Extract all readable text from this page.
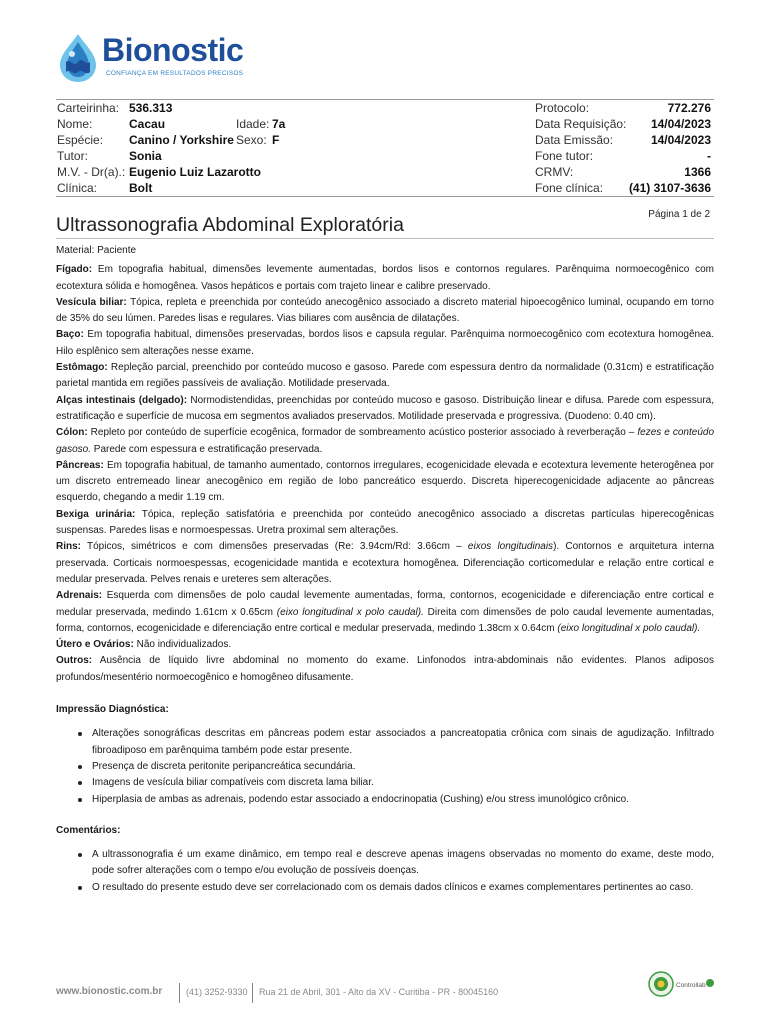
Bionostic
CONFIANÇA EM RESULTADOS PRECISOS
Carteirinha: 536.313	Protocolo:	772.276
Nome:	Cacau	Idade: 7a	Data Requisição: 14/04/2023
Espécie: Canino / Yorkshire Sexo: F	Data Emissão:	14/04/2023
Tutor:	Sonia	Fone tutor:	-
M.V. - Dr(a).: Eugenio Luiz Lazarotto	CRMV:	1366
Clínica:	Bolt	Fone clínica: (41) 3107-3636
Ultrassonografia Abdominal Exploratória	Página 1 de 2

Material: Paciente

Fígado: Em topografia habitual, dimensões levemente aumentadas, bordos lisos e contornos regulares. Parênquima normoecogênico com ecotextura sólida e homogênea. Vasos hepáticos e portais com trajeto linear e calibre preservado.

Vesícula biliar: Tópica, repleta e preenchida por conteúdo anecogênico associado a discreto material hipoecogênico luminal, ocupando em torno de 35% do seu lúmen. Paredes lisas e regulares. Vias biliares com ausência de dilatações.

Baço: Em topografia habitual, dimensões preservadas, bordos lisos e capsula regular. Parênquima normoecogênico com ecotextura homogênea. Hilo esplênico sem alterações nesse exame.

Estômago: Repleção parcial, preenchido por conteúdo mucoso e gasoso. Parede com espessura dentro da normalidade (0.31cm) e estratificação parietal mantida em regiões passíveis de avaliação. Motilidade preservada.

Alças intestinais (delgado): Normodistendidas, preenchidas por conteúdo mucoso e gasoso. Distribuição linear e difusa. Parede com espessura, estratificação e superfície de mucosa em segmentos avaliados preservados. Motilidade preservada e progressiva. (Duodeno: 0.40 cm).

Cólon: Repleto por conteúdo de superfície ecogênica, formador de sombreamento acústico posterior associado à reverberação – fezes e conteúdo gasoso. Parede com espessura e estratificação preservada.

Pâncreas: Em topografia habitual, de tamanho aumentado, contornos irregulares, ecogenicidade elevada e ecotextura levemente heterogênea por um discreto entremeado linear anecogênico em região de lobo pancreático esquerdo. Discreta hiperecogenicidade adjacente ao pâncreas esquerdo, chegando a medir 1.19 cm.

Bexiga urinária: Tópica, repleção satisfatória e preenchida por conteúdo anecogênico associado a discretas partículas hiperecogênicas suspensas. Paredes lisas e normoespessas. Uretra proximal sem alterações.

Rins: Tópicos, simétricos e com dimensões preservadas (Re: 3.94cm/Rd: 3.66cm – eixos longitudinais). Contornos e arquitetura interna preservada. Corticais normoespessas, ecogenicidade mantida e ecotextura homogênea. Diferenciação corticomedular e relação entre cortical e medular preservada. Pelves renais e ureteres sem alterações.

Adrenais: Esquerda com dimensões de polo caudal levemente aumentadas, forma, contornos, ecogenicidade e diferenciação entre cortical e medular preservada, medindo 1.61cm x 0.65cm (eixo longitudinal x polo caudal). Direita com dimensões de polo caudal levemente aumentadas, forma, contornos, ecogenicidade e diferenciação entre cortical e medular preservada, medindo 1.38cm x 0.64cm (eixo longitudinal x polo caudal).

Útero e Ovários: Não individualizados.

Outros: Ausência de líquido livre abdominal no momento do exame. Linfonodos intra-abdominais não evidentes. Planos adiposos profundos/mesentério normoecogênico e homogêneo difusamente.

Impressão Diagnóstica:

Alterações sonográficas descritas em pâncreas podem estar associados a pancreatopatia crônica com sinais de agudização. Infiltrado fibroadiposo em parênquima também pode estar presente.
Presença de discreta peritonite peripancreática secundária.
Imagens de vesícula biliar compatíveis com discreta lama biliar.
Hiperplasia de ambas as adrenais, podendo estar associado a endocrinopatia (Cushing) e/ou stress imunológico crônico.

Comentários:

A ultrassonografia é um exame dinâmico, em tempo real e descreve apenas imagens observadas no momento do exame, deste modo, pode sofrer alterações com o tempo e/ou evolução de possíveis doenças.
O resultado do presente estudo deve ser correlacionado com os demais dados clínicos e exames complementares pertinentes ao caso.
www.bionostic.com.br	(41) 3252-9330 Rua 21 de Abril, 301 - Alto da XV - Curitiba - PR - 80045160
Controllab
